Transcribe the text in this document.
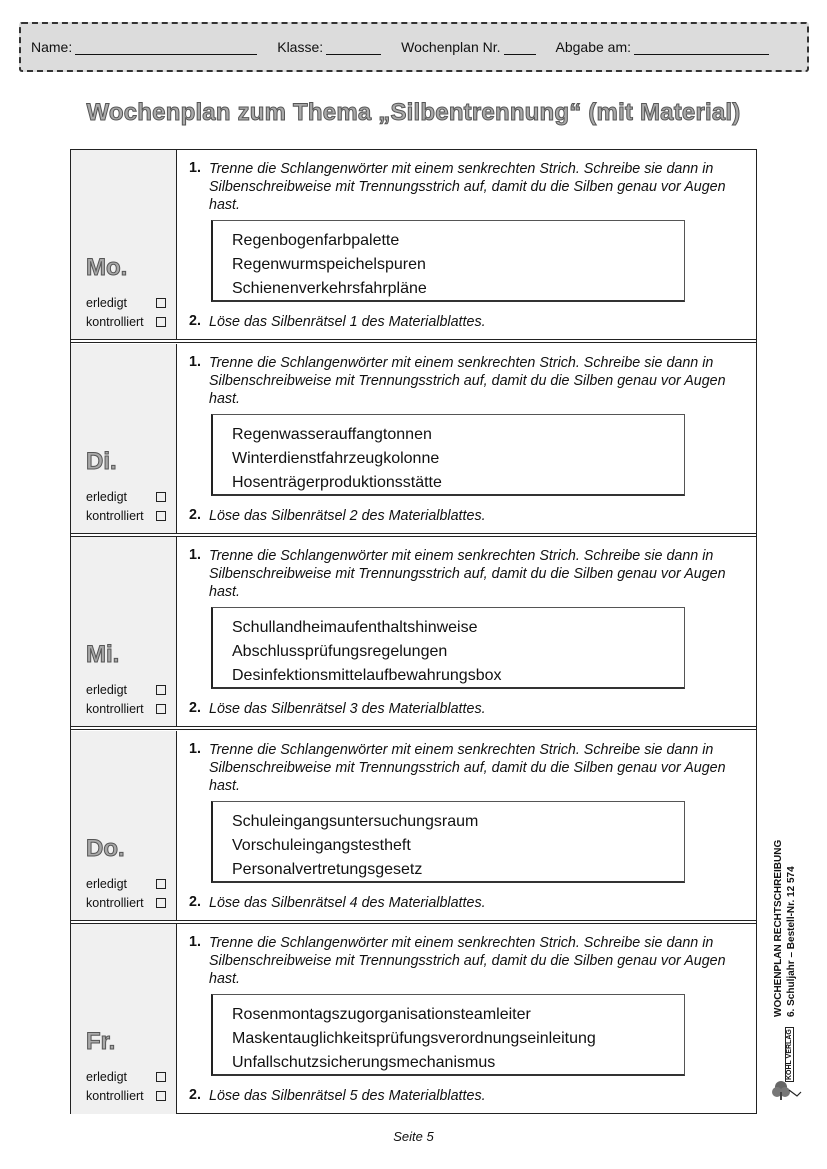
Name:	Klasse:	Wochenplan Nr.	Abgabe am:
Wochenplan zum Thema „Silbentrennung“ (mit Material)
Mo.
erledigt
kontrolliert
1. Trenne die Schlangenwörter mit einem senkrechten Strich. Schreibe sie dann in Silbenschreibweise mit Trennungsstrich auf, damit du die Silben genau vor Augen hast.
Regenbogenfarbpalette
Regenwurmspeichelspuren
Schienenverkehrsfahrpläne
2. Löse das Silbenrätsel 1 des Materialblattes.
Di.
erledigt
kontrolliert
1. Trenne die Schlangenwörter mit einem senkrechten Strich. Schreibe sie dann in Silbenschreibweise mit Trennungsstrich auf, damit du die Silben genau vor Augen hast.
Regenwasserauffangtonnen
Winterdienstfahrzeugkolonne
Hosenträgerproduktionsstätte
2. Löse das Silbenrätsel 2 des Materialblattes.
Mi.
erledigt
kontrolliert
1. Trenne die Schlangenwörter mit einem senkrechten Strich. Schreibe sie dann in Silbenschreibweise mit Trennungsstrich auf, damit du die Silben genau vor Augen hast.
Schullandheimaufenthaltshinweise
Abschlussprüfungsregelungen
Desinfektionsmittelaufbewahrungsbox
2. Löse das Silbenrätsel 3 des Materialblattes.
Do.
erledigt
kontrolliert
1. Trenne die Schlangenwörter mit einem senkrechten Strich. Schreibe sie dann in Silbenschreibweise mit Trennungsstrich auf, damit du die Silben genau vor Augen hast.
Schuleingangsuntersuchungsraum
Vorschuleingangstestheft
Personalvertretungsgesetz
2. Löse das Silbenrätsel 4 des Materialblattes.
Fr.
erledigt
kontrolliert
1. Trenne die Schlangenwörter mit einem senkrechten Strich. Schreibe sie dann in Silbenschreibweise mit Trennungsstrich auf, damit du die Silben genau vor Augen hast.
Rosenmontagszugorganisationsteamleiter
Maskentauglichkeitsprüfungsverordnungseinleitung
Unfallschutzsicherungsmechanismus
2. Löse das Silbenrätsel 5 des Materialblattes.
WOCHENPLAN RECHTSCHREIBUNG 6. Schuljahr – Bestell-Nr. 12 574
KOHL VERLAG
Seite 5
